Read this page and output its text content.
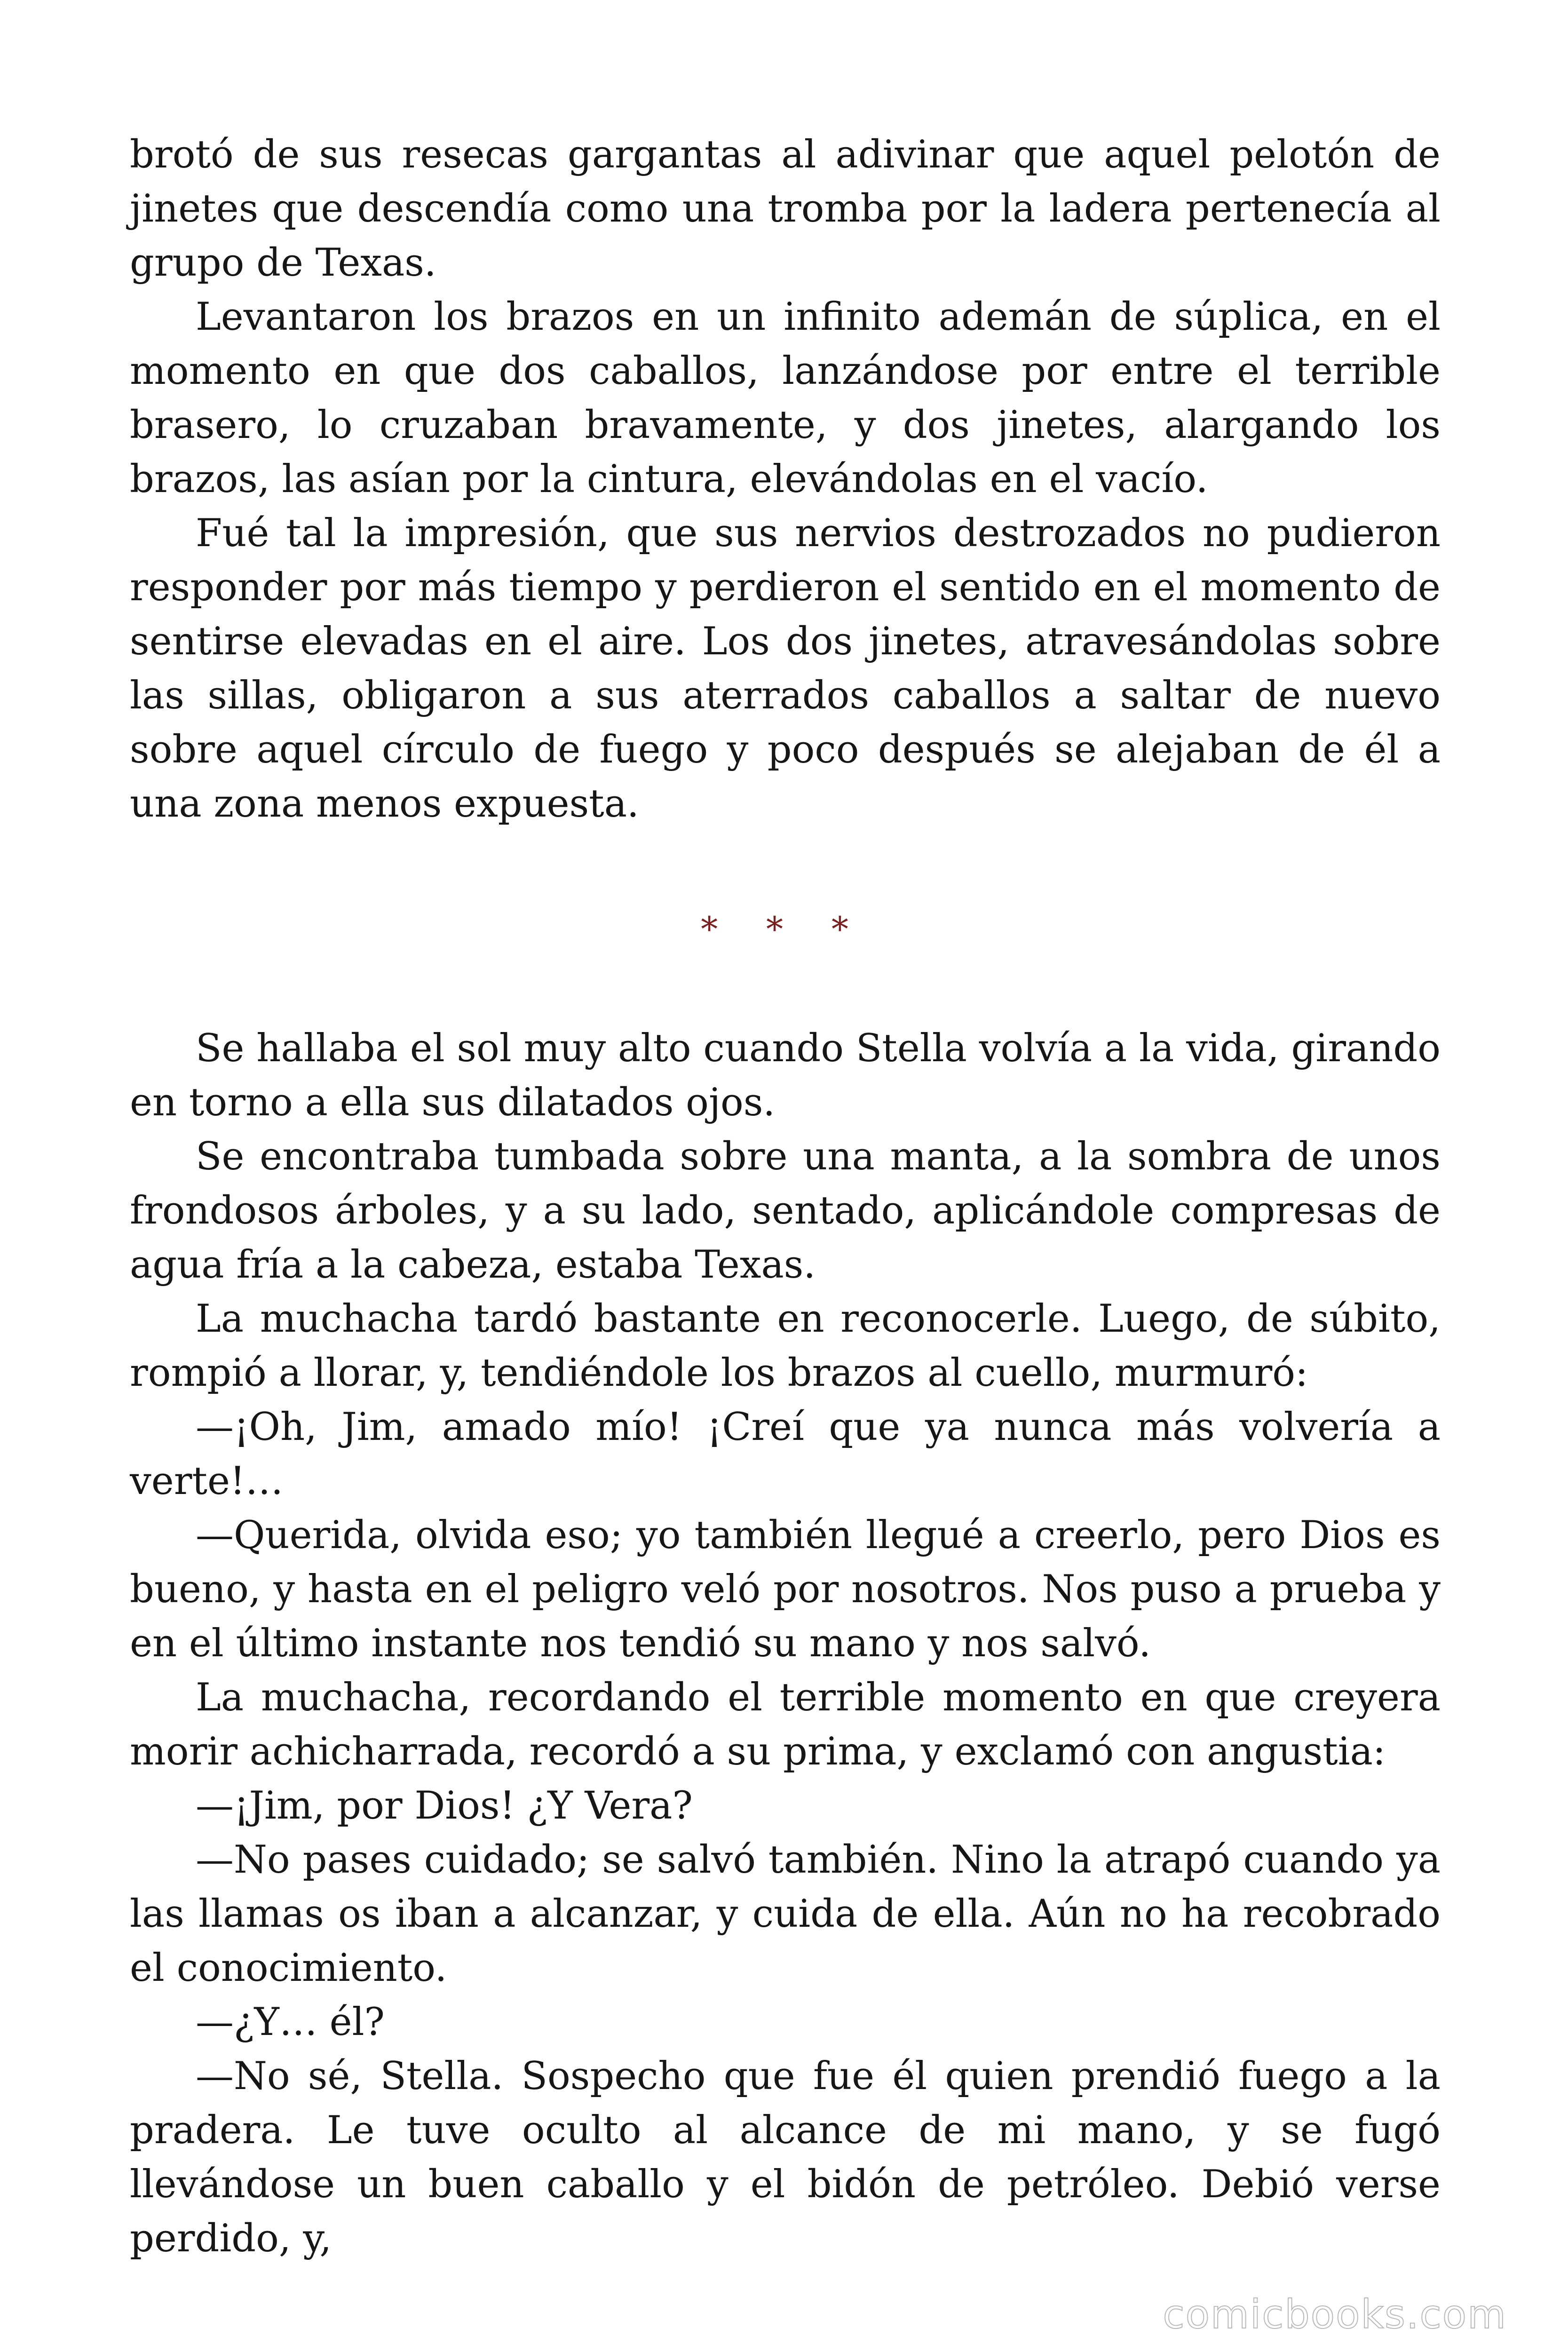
brotó de sus resecas gargantas al adivinar que aquel pelotón de jinetes que descendía como una tromba por la ladera pertenecía al grupo de Texas.

Levantaron los brazos en un infinito ademán de súplica, en el momento en que dos caballos, lanzándose por entre el terrible brasero, lo cruzaban bravamente, y dos jinetes, alargando los brazos, las asían por la cintura, elevándolas en el vacío.

Fué tal la impresión, que sus nervios destrozados no pudieron responder por más tiempo y perdieron el sentido en el momento de sentirse elevadas en el aire. Los dos jinetes, atravesándolas sobre las sillas, obligaron a sus aterrados caballos a saltar de nuevo sobre aquel círculo de fuego y poco después se alejaban de él a una zona menos expuesta.

* * *

Se hallaba el sol muy alto cuando Stella volvía a la vida, girando en torno a ella sus dilatados ojos.

Se encontraba tumbada sobre una manta, a la sombra de unos frondosos árboles, y a su lado, sentado, aplicándole compresas de agua fría a la cabeza, estaba Texas.

La muchacha tardó bastante en reconocerle. Luego, de súbito, rompió a llorar, y, tendiéndole los brazos al cuello, murmuró:

—¡Oh, Jim, amado mío! ¡Creí que ya nunca más volvería a verte!…

—Querida, olvida eso; yo también llegué a creerlo, pero Dios es bueno, y hasta en el peligro veló por nosotros. Nos puso a prueba y en el último instante nos tendió su mano y nos salvó.

La muchacha, recordando el terrible momento en que creyera morir achicharrada, recordó a su prima, y exclamó con angustia:

—¡Jim, por Dios! ¿Y Vera?

—No pases cuidado; se salvó también. Nino la atrapó cuando ya las llamas os iban a alcanzar, y cuida de ella. Aún no ha recobrado el conocimiento.

—¿Y… él?

—No sé, Stella. Sospecho que fue él quien prendió fuego a la pradera. Le tuve oculto al alcance de mi mano, y se fugó llevándose un buen caballo y el bidón de petróleo. Debió verse perdido, y,

comicbooks.com
